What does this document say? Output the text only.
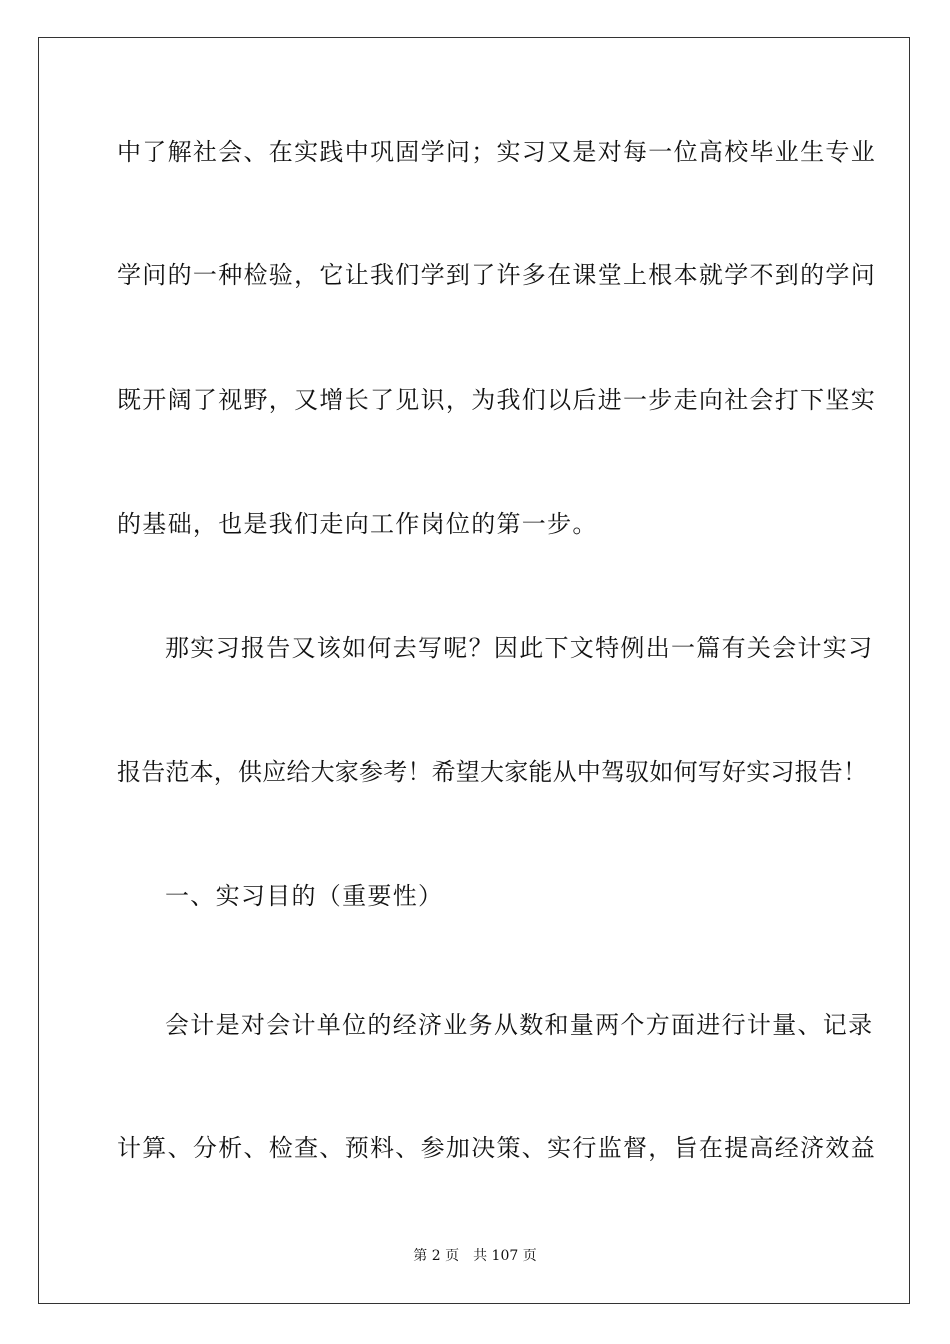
中了解社会、在实践中巩固学问；实习又是对每一位高校毕业生专业
学问的一种检验，它让我们学到了许多在课堂上根本就学不到的学问
既开阔了视野，又增长了见识，为我们以后进一步走向社会打下坚实
的基础，也是我们走向工作岗位的第一步。
那实习报告又该如何去写呢？因此下文特例出一篇有关会计实习
报告范本，供应给大家参考！希望大家能从中驾驭如何写好实习报告！
一、实习目的（重要性）
会计是对会计单位的经济业务从数和量两个方面进行计量、记录
计算、分析、检查、预料、参加决策、实行监督，旨在提高经济效益
第 2 页 共 107 页
